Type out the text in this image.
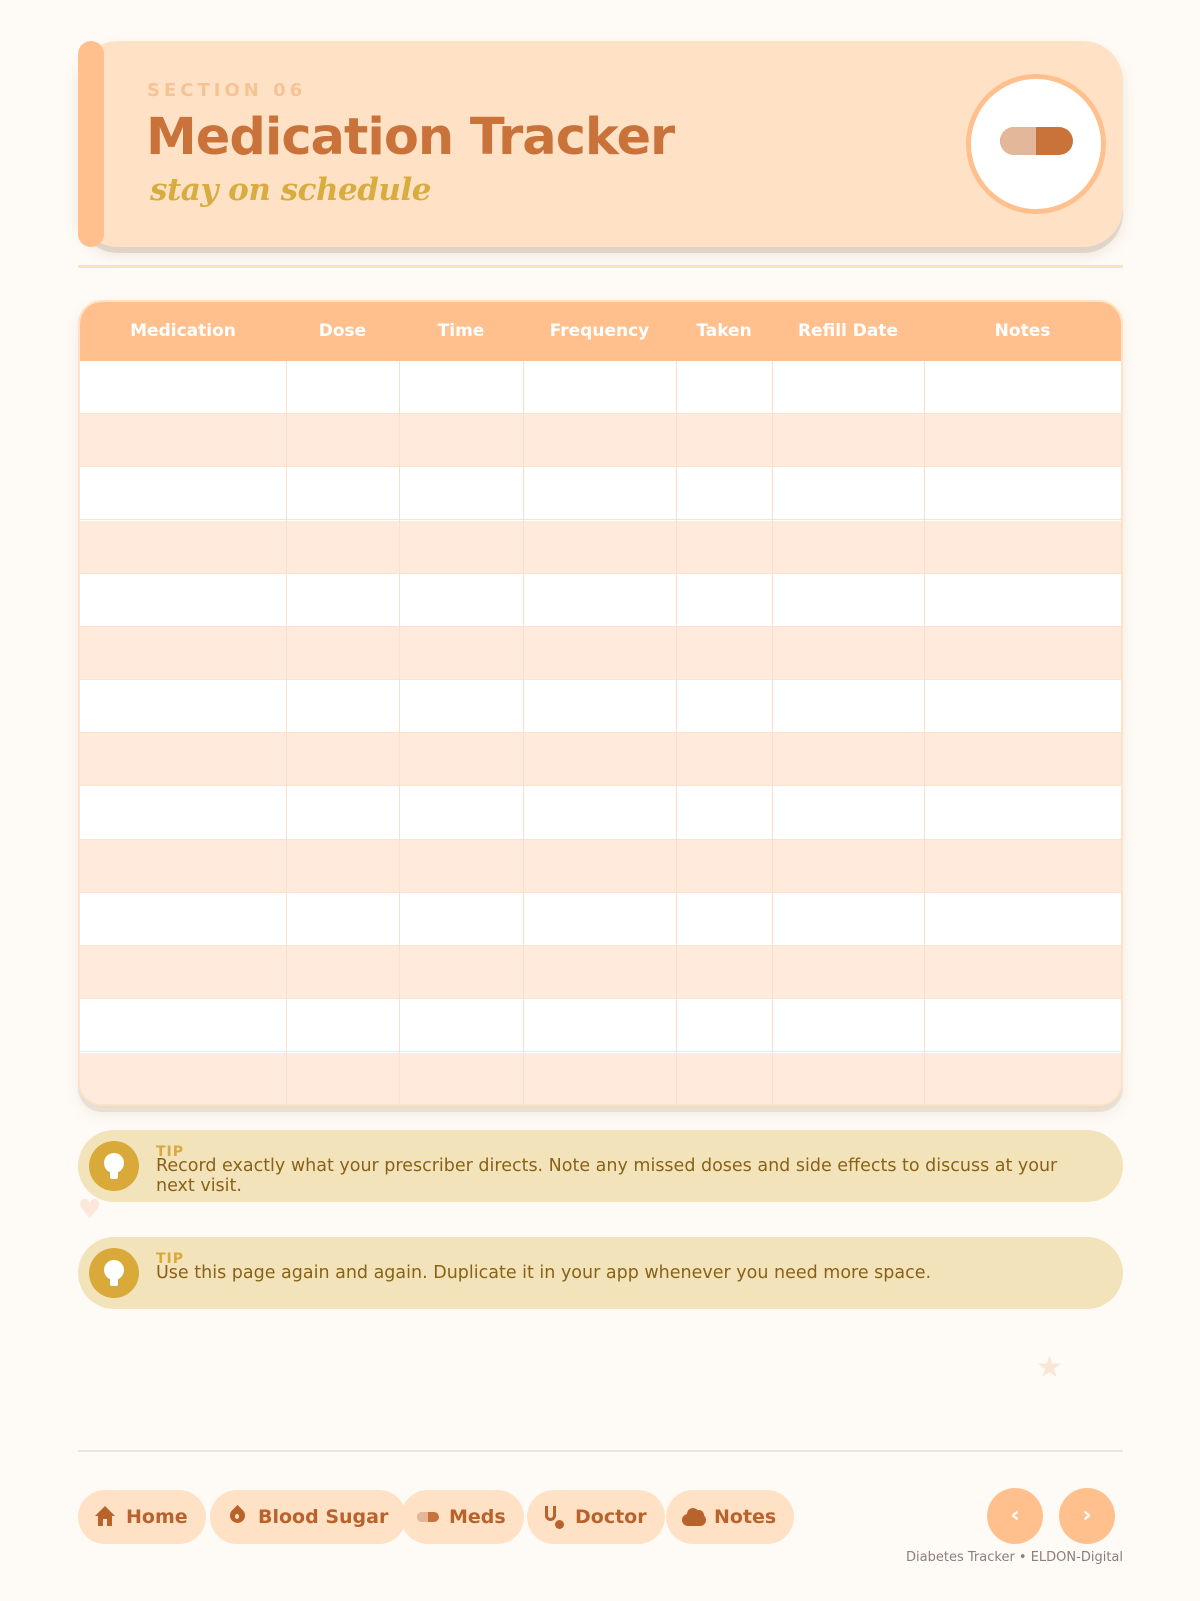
SECTION 06
Medication Tracker
stay on schedule
Medication	Dose	Time	Frequency	Taken	Refill Date	Notes
TIP
Record exactly what your prescriber directs. Note any missed doses and side effects to discuss at your next visit.
♥
TIP
Use this page again and again. Duplicate it in your app whenever you need more space.
★
Home	Blood Sugar	Meds	Doctor	Notes	‹	›
Diabetes Tracker • ELDON-Digital
